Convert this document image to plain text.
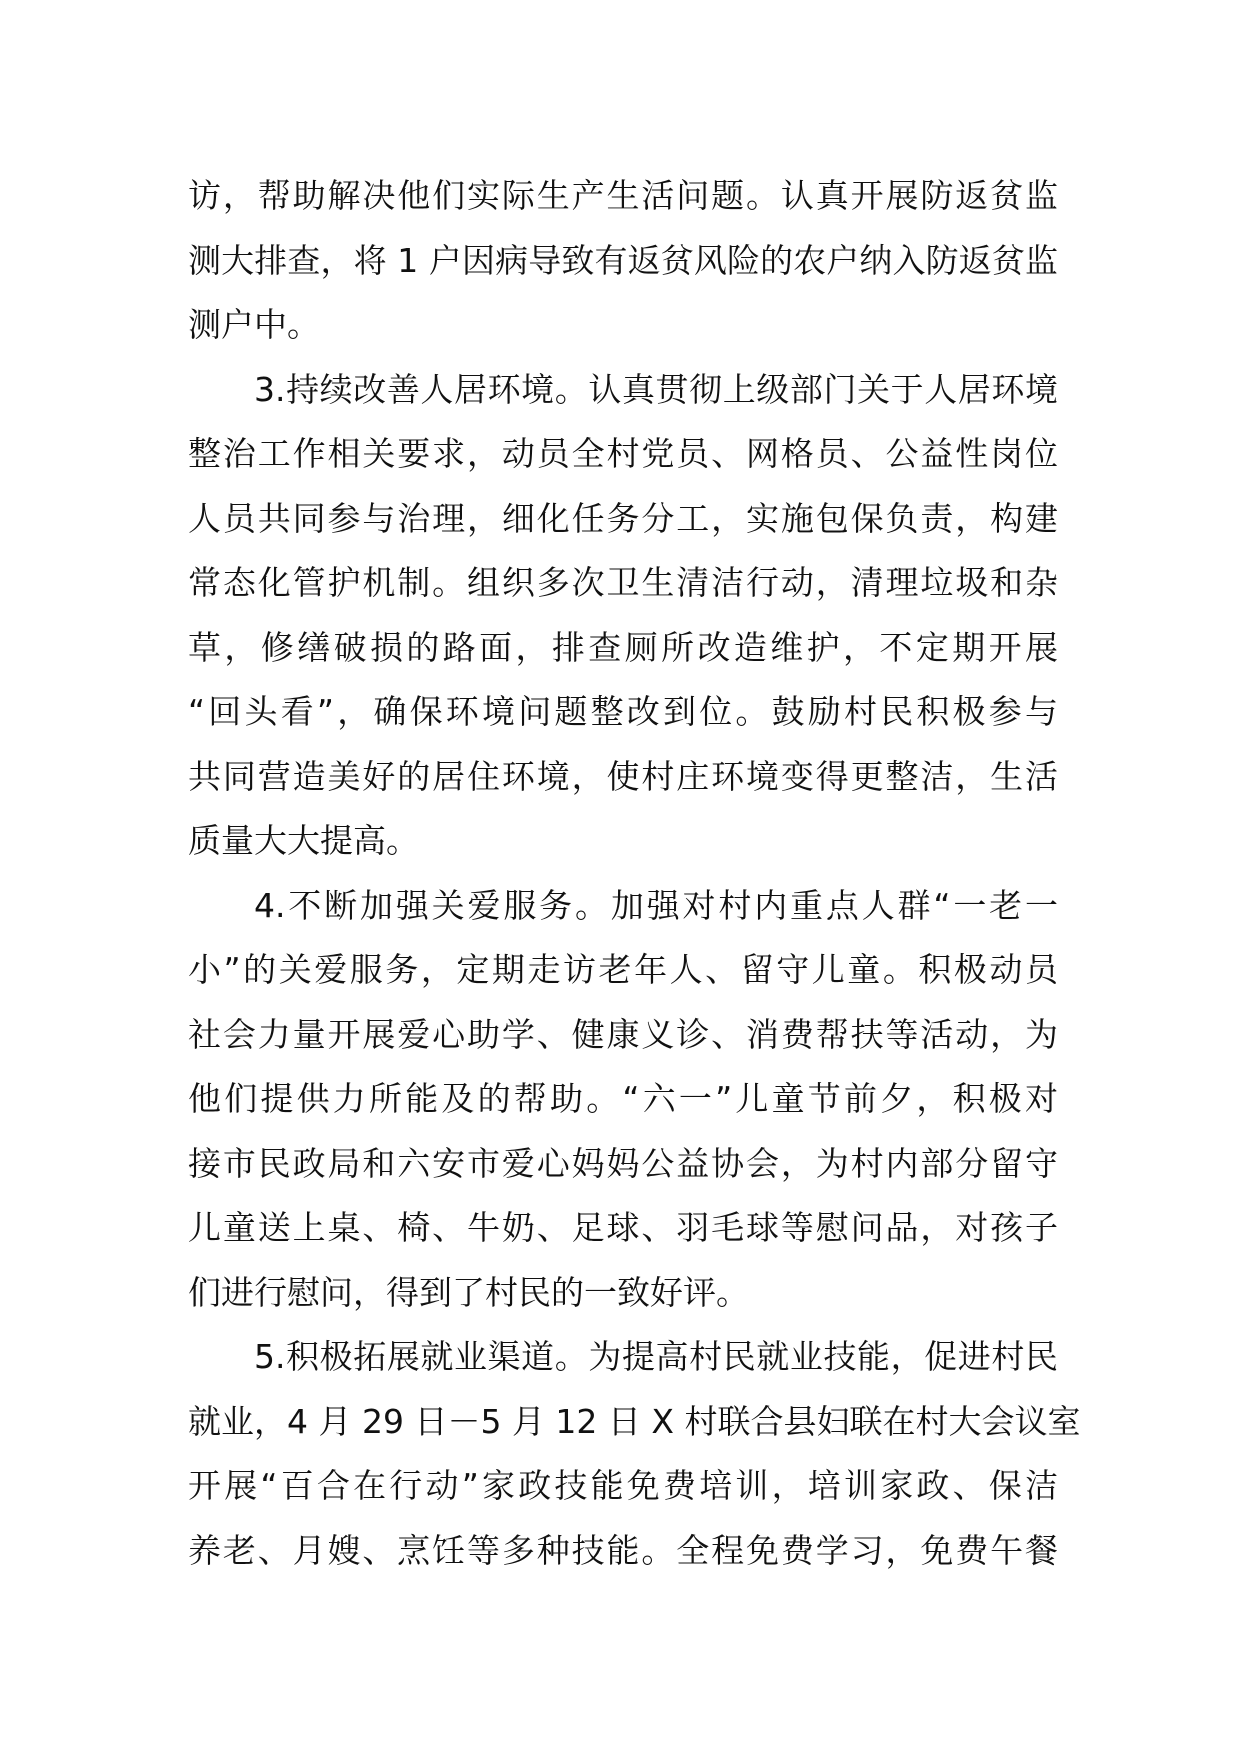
访，帮助解决他们实际生产生活问题。认真开展防返贫监
测大排查，将 1 户因病导致有返贫风险的农户纳入防返贫监
测户中。
3.持续改善人居环境。认真贯彻上级部门关于人居环境
整治工作相关要求，动员全村党员、网格员、公益性岗位
人员共同参与治理，细化任务分工，实施包保负责，构建
常态化管护机制。组织多次卫生清洁行动，清理垃圾和杂
草，修缮破损的路面，排查厕所改造维护，不定期开展
“回头看”，确保环境问题整改到位。鼓励村民积极参与
共同营造美好的居住环境，使村庄环境变得更整洁，生活
质量大大提高。
4.不断加强关爱服务。加强对村内重点人群“一老一
小”的关爱服务，定期走访老年人、留守儿童。积极动员
社会力量开展爱心助学、健康义诊、消费帮扶等活动，为
他们提供力所能及的帮助。“六一”儿童节前夕，积极对
接市民政局和六安市爱心妈妈公益协会，为村内部分留守
儿童送上桌、椅、牛奶、足球、羽毛球等慰问品，对孩子
们进行慰问，得到了村民的一致好评。
5.积极拓展就业渠道。为提高村民就业技能，促进村民
就业，4 月 29 日－5 月 12 日 X 村联合县妇联在村大会议室
开展“百合在行动”家政技能免费培训，培训家政、保洁
养老、月嫂、烹饪等多种技能。全程免费学习，免费午餐
